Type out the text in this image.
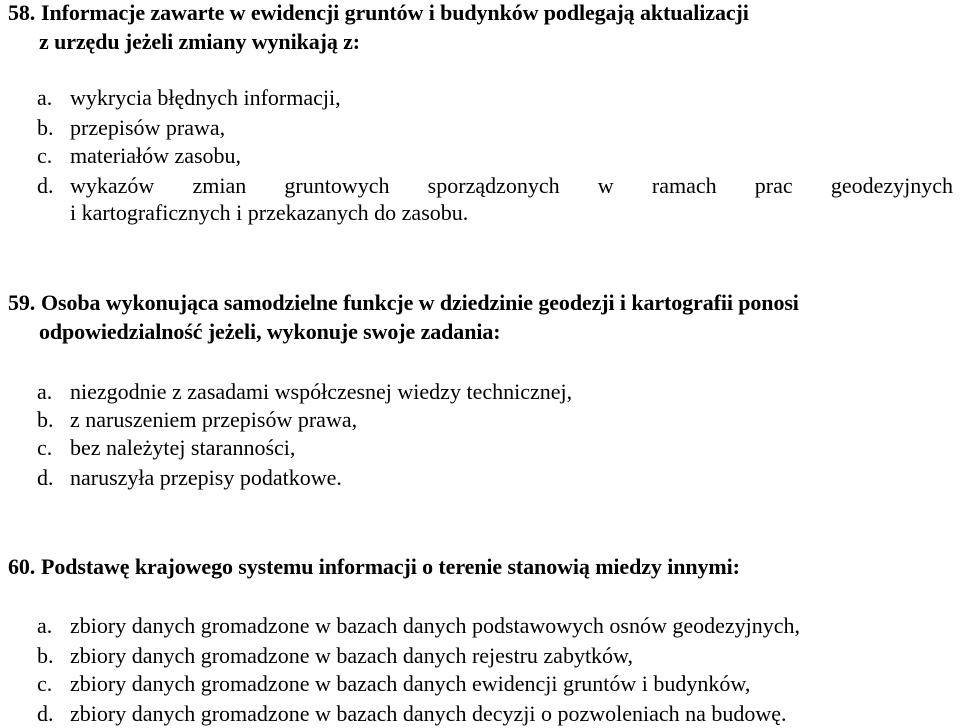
58. Informacje zawarte w ewidencji gruntów i budynków podlegają aktualizacji
z urzędu jeżeli zmiany wynikają z:
a. wykrycia błędnych informacji,
b. przepisów prawa,
c. materiałów zasobu,
d. wykazów zmian gruntowych sporządzonych w ramach prac geodezyjnych
i kartograficznych i przekazanych do zasobu.
59. Osoba wykonująca samodzielne funkcje w dziedzinie geodezji i kartografii ponosi
odpowiedzialność jeżeli, wykonuje swoje zadania:
a. niezgodnie z zasadami współczesnej wiedzy technicznej,
b. z naruszeniem przepisów prawa,
c. bez należytej staranności,
d. naruszyła przepisy podatkowe.
60. Podstawę krajowego systemu informacji o terenie stanowią miedzy innymi:
a. zbiory danych gromadzone w bazach danych podstawowych osnów geodezyjnych,
b. zbiory danych gromadzone w bazach danych rejestru zabytków,
c. zbiory danych gromadzone w bazach danych ewidencji gruntów i budynków,
d. zbiory danych gromadzone w bazach danych decyzji o pozwoleniach na budowę.
